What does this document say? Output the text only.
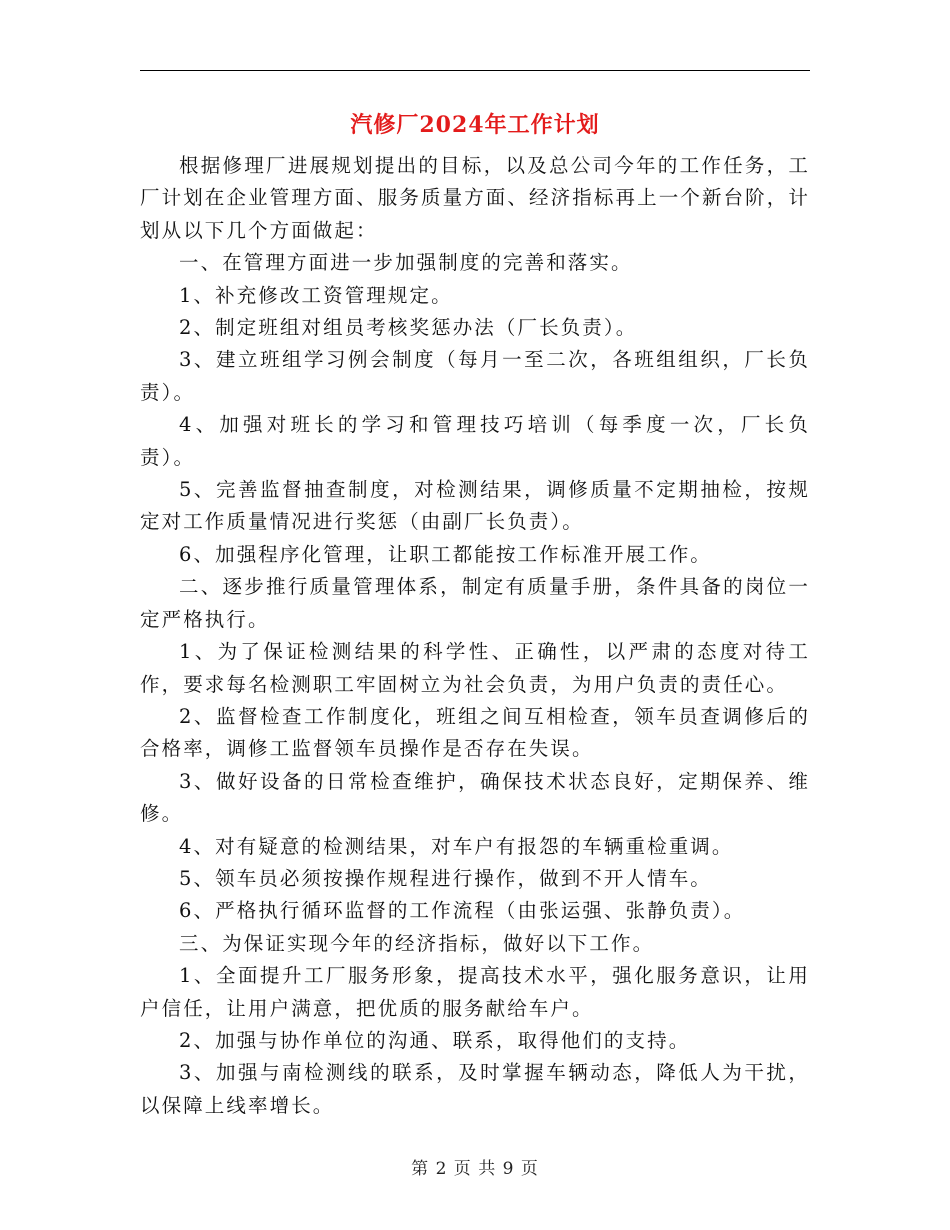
汽修厂2024年工作计划

根据修理厂进展规划提出的目标，以及总公司今年的工作任务，工厂计划在企业管理方面、服务质量方面、经济指标再上一个新台阶，计划从以下几个方面做起：

一、在管理方面进一步加强制度的完善和落实。

1、补充修改工资管理规定。

2、制定班组对组员考核奖惩办法（厂长负责）。

3、建立班组学习例会制度（每月一至二次，各班组组织，厂长负责）。

4、加强对班长的学习和管理技巧培训（每季度一次，厂长负责）。

5、完善监督抽查制度，对检测结果，调修质量不定期抽检，按规定对工作质量情况进行奖惩（由副厂长负责）。

6、加强程序化管理，让职工都能按工作标准开展工作。

二、逐步推行质量管理体系，制定有质量手册，条件具备的岗位一定严格执行。

1、为了保证检测结果的科学性、正确性，以严肃的态度对待工作，要求每名检测职工牢固树立为社会负责，为用户负责的责任心。

2、监督检查工作制度化，班组之间互相检查，领车员查调修后的合格率，调修工监督领车员操作是否存在失误。

3、做好设备的日常检查维护，确保技术状态良好，定期保养、维修。

4、对有疑意的检测结果，对车户有报怨的车辆重检重调。

5、领车员必须按操作规程进行操作，做到不开人情车。

6、严格执行循环监督的工作流程（由张运强、张静负责）。

三、为保证实现今年的经济指标，做好以下工作。

1、全面提升工厂服务形象，提高技术水平，强化服务意识，让用户信任，让用户满意，把优质的服务献给车户。

2、加强与协作单位的沟通、联系，取得他们的支持。

3、加强与南检测线的联系，及时掌握车辆动态，降低人为干扰，以保障上线率增长。

第 2 页 共 9 页
